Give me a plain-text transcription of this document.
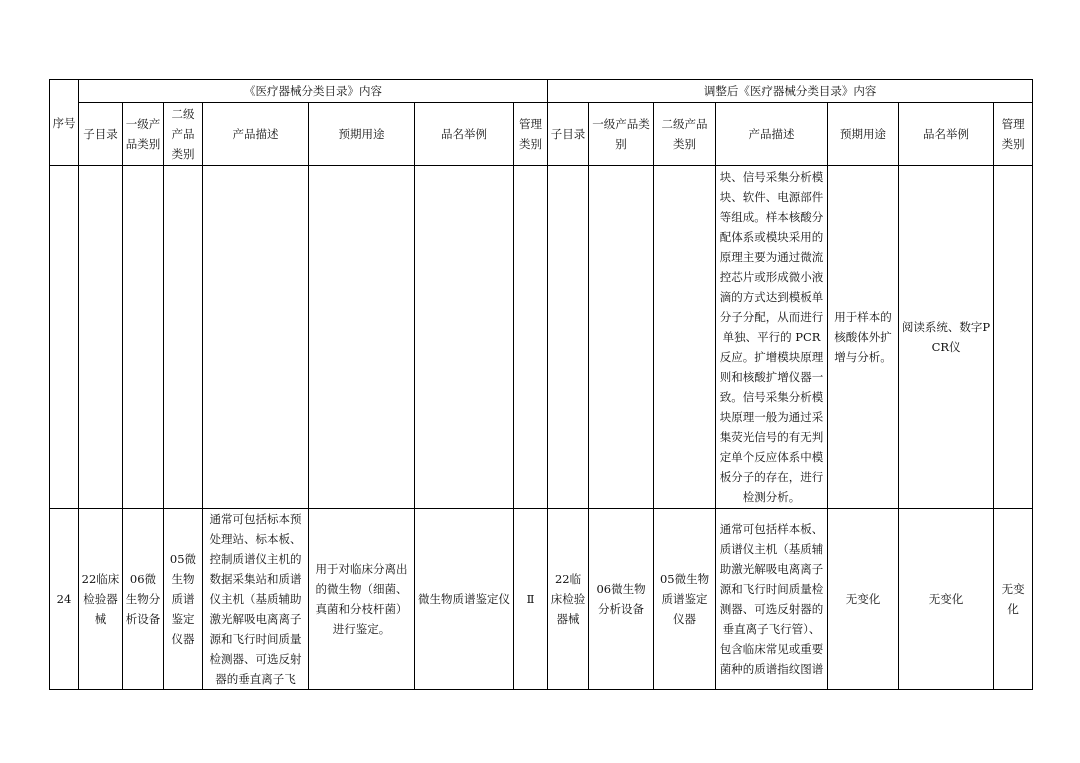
序号	《医疗器械分类目录》内容							调整后《医疗器械分类目录》内容						
	子目录	一级产品类别	二级产品类别	产品描述	预期用途	品名举例	管理类别	子目录	一级产品类别	二级产品类别	产品描述	预期用途	品名举例	管理类别
											块、信号采集分析模块、软件、电源部件等组成。样本核酸分配体系或模块采用的原理主要为通过微流控芯片或形成微小液滴的方式达到模板单分子分配，从而进行单独、平行的 PCR 反应。扩增模块原理则和核酸扩增仪器一致。信号采集分析模块原理一般为通过采集荧光信号的有无判定单个反应体系中模板分子的存在，进行检测分析。	用于样本的核酸体外扩增与分析。	阅读系统、数字PCR仪	
24	22临床检验器械	06微生物分析设备	05微生物质谱鉴定仪器	通常可包括标本预处理站、标本板、控制质谱仪主机的数据采集站和质谱仪主机（基质辅助激光解吸电离离子源和飞行时间质量检测器、可选反射器的垂直离子飞	用于对临床分离出的微生物（细菌、真菌和分枝杆菌）进行鉴定。	微生物质谱鉴定仪	Ⅱ	22临床检验器械	06微生物分析设备	05微生物质谱鉴定仪器	通常可包括样本板、质谱仪主机（基质辅助激光解吸电离离子源和飞行时间质量检测器、可选反射器的垂直离子飞行管）、包含临床常见或重要菌种的质谱指纹图谱	无变化	无变化	无变化
